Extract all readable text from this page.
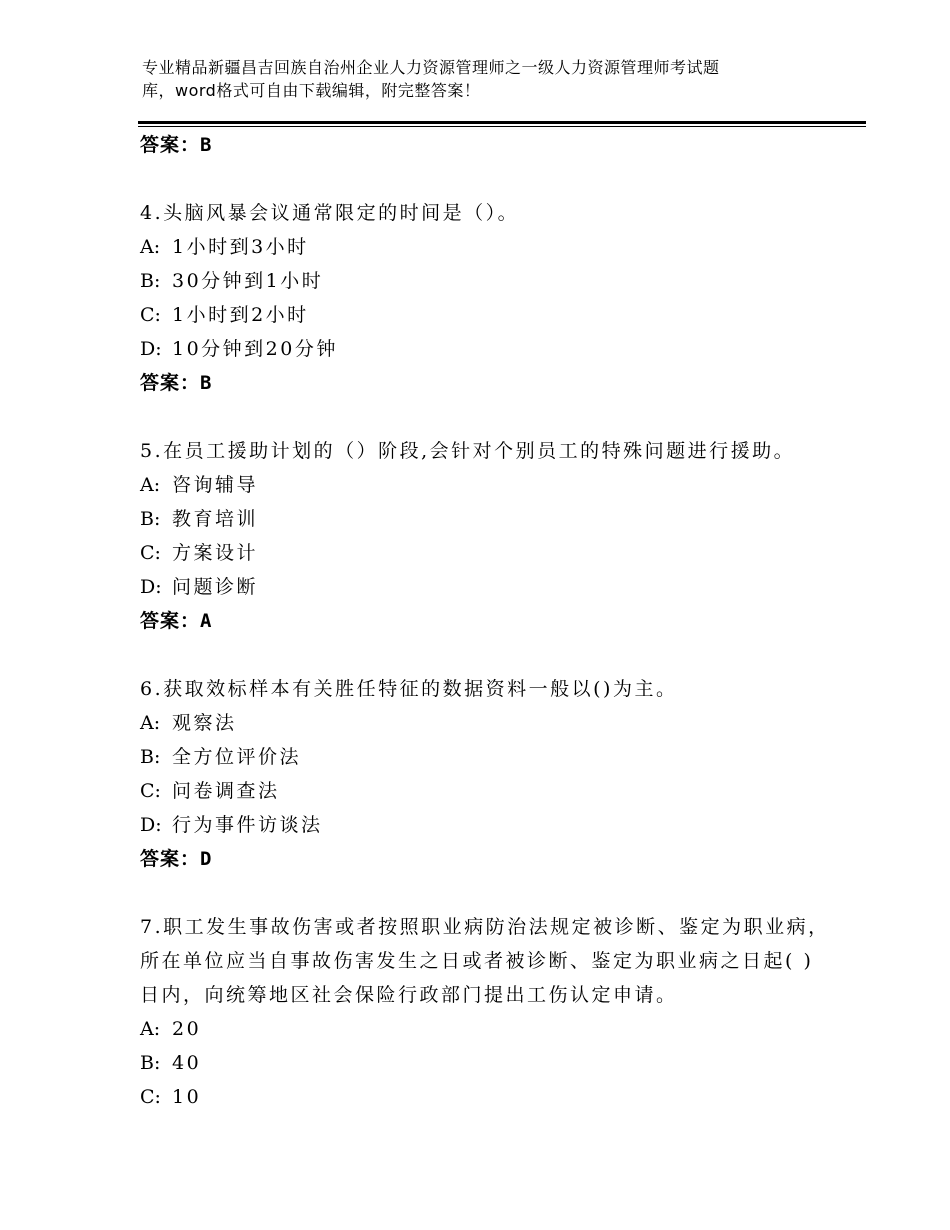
专业精品新疆昌吉回族自治州企业人力资源管理师之一级人力资源管理师考试题
库，word格式可自由下载编辑，附完整答案！
答案：B
4.头脑风暴会议通常限定的时间是（）。
A: 1小时到3小时
B: 30分钟到1小时
C: 1小时到2小时
D: 10分钟到20分钟
答案：B
5.在员工援助计划的（）阶段,会针对个别员工的特殊问题进行援助。
A: 咨询辅导
B: 教育培训
C: 方案设计
D: 问题诊断
答案：A
6.获取效标样本有关胜任特征的数据资料一般以()为主。
A: 观察法
B: 全方位评价法
C: 问卷调查法
D: 行为事件访谈法
答案：D
7.职工发生事故伤害或者按照职业病防治法规定被诊断、鉴定为职业病，所在单位应当自事故伤害发生之日或者被诊断、鉴定为职业病之日起( )日内，向统筹地区社会保险行政部门提出工伤认定申请。
A: 20
B: 40
C: 10
